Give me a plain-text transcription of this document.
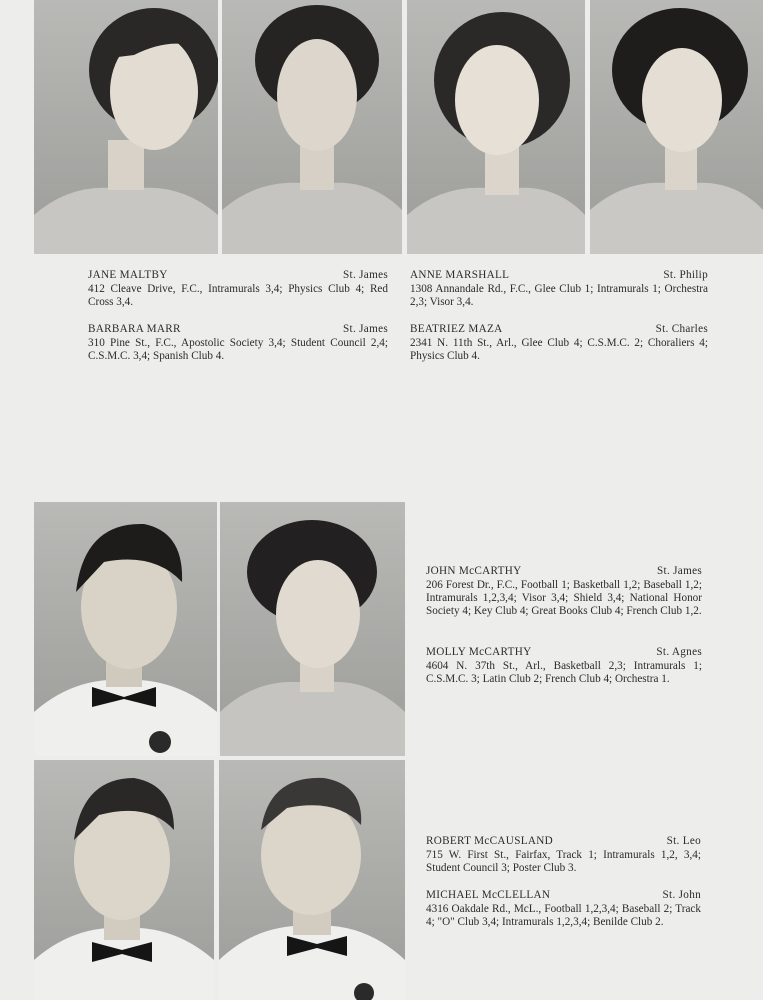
JANE MALTBY	St. James
412 Cleave Drive, F.C., Intramurals 3,4; Physics Club 4; Red Cross 3,4.
BARBARA MARR	St. James
310 Pine St., F.C., Apostolic Society 3,4; Student Council 2,4; C.S.M.C. 3,4; Spanish Club 4.
ANNE MARSHALL	St. Philip
1308 Annandale Rd., F.C., Glee Club 1; Intramurals 1; Orchestra 2,3; Visor 3,4.
BEATRIEZ MAZA	St. Charles
2341 N. 11th St., Arl., Glee Club 4; C.S.M.C. 2; Choraliers 4; Physics Club 4.
JOHN McCARTHY	St. James
206 Forest Dr., F.C., Football 1; Basketball 1,2; Baseball 1,2; Intramurals 1,2,3,4; Visor 3,4; Shield 3,4; National Honor Society 4; Key Club 4; Great Books Club 4; French Club 1,2.
MOLLY McCARTHY	St. Agnes
4604 N. 37th St., Arl., Basketball 2,3; Intramurals 1; C.S.M.C. 3; Latin Club 2; French Club 4; Orchestra 1.
ROBERT McCAUSLAND	St. Leo
715 W. First St., Fairfax, Track 1; Intramurals 1,2, 3,4; Student Council 3; Poster Club 3.
MICHAEL McCLELLAN	St. John
4316 Oakdale Rd., McL., Football 1,2,3,4; Baseball 2; Track 4; "O" Club 3,4; Intramurals 1,2,3,4; Benilde Club 2.
